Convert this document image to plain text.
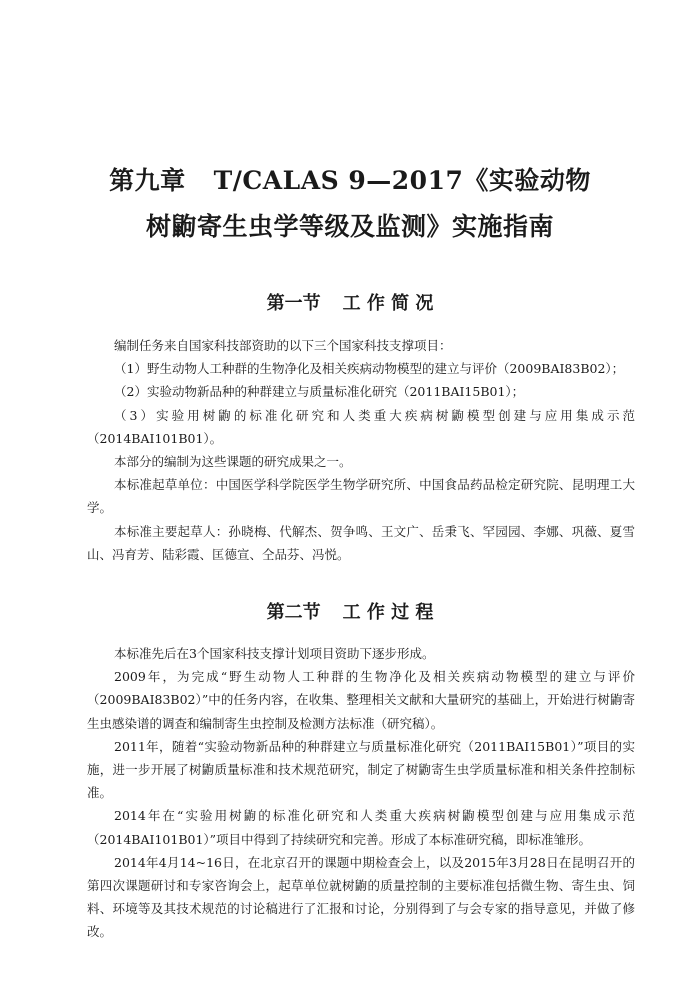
第九章 T/CALAS 9—2017《实验动物
树鼩寄生虫学等级及监测》实施指南
第一节 工 作 简 况

编制任务来自国家科技部资助的以下三个国家科技支撑项目：

（1）野生动物人工种群的生物净化及相关疾病动物模型的建立与评价（2009BAI83B02）；

（2）实验动物新品种的种群建立与质量标准化研究（2011BAI15B01）；

（3）实验用树鼩的标准化研究和人类重大疾病树鼩模型创建与应用集成示范（2014BAI101B01）。

本部分的编制为这些课题的研究成果之一。

本标准起草单位：中国医学科学院医学生物学研究所、中国食品药品检定研究院、昆明理工大学。

本标准主要起草人：孙晓梅、代解杰、贺争鸣、王文广、岳秉飞、罕园园、李娜、巩薇、夏雪山、冯育芳、陆彩霞、匡德宣、仝品芬、冯悦。

第二节 工 作 过 程

本标准先后在3个国家科技支撑计划项目资助下逐步形成。

2009年，为完成“野生动物人工种群的生物净化及相关疾病动物模型的建立与评价（2009BAI83B02）”中的任务内容，在收集、整理相关文献和大量研究的基础上，开始进行树鼩寄生虫感染谱的调查和编制寄生虫控制及检测方法标准（研究稿）。

2011年，随着“实验动物新品种的种群建立与质量标准化研究（2011BAI15B01）”项目的实施，进一步开展了树鼩质量标准和技术规范研究，制定了树鼩寄生虫学质量标准和相关条件控制标准。

2014年在“实验用树鼩的标准化研究和人类重大疾病树鼩模型创建与应用集成示范（2014BAI101B01）”项目中得到了持续研究和完善。形成了本标准研究稿，即标准雏形。

2014年4月14~16日，在北京召开的课题中期检查会上，以及2015年3月28日在昆明召开的第四次课题研讨和专家咨询会上，起草单位就树鼩的质量控制的主要标准包括微生物、寄生虫、饲料、环境等及其技术规范的讨论稿进行了汇报和讨论，分别得到了与会专家的指导意见，并做了修改。
